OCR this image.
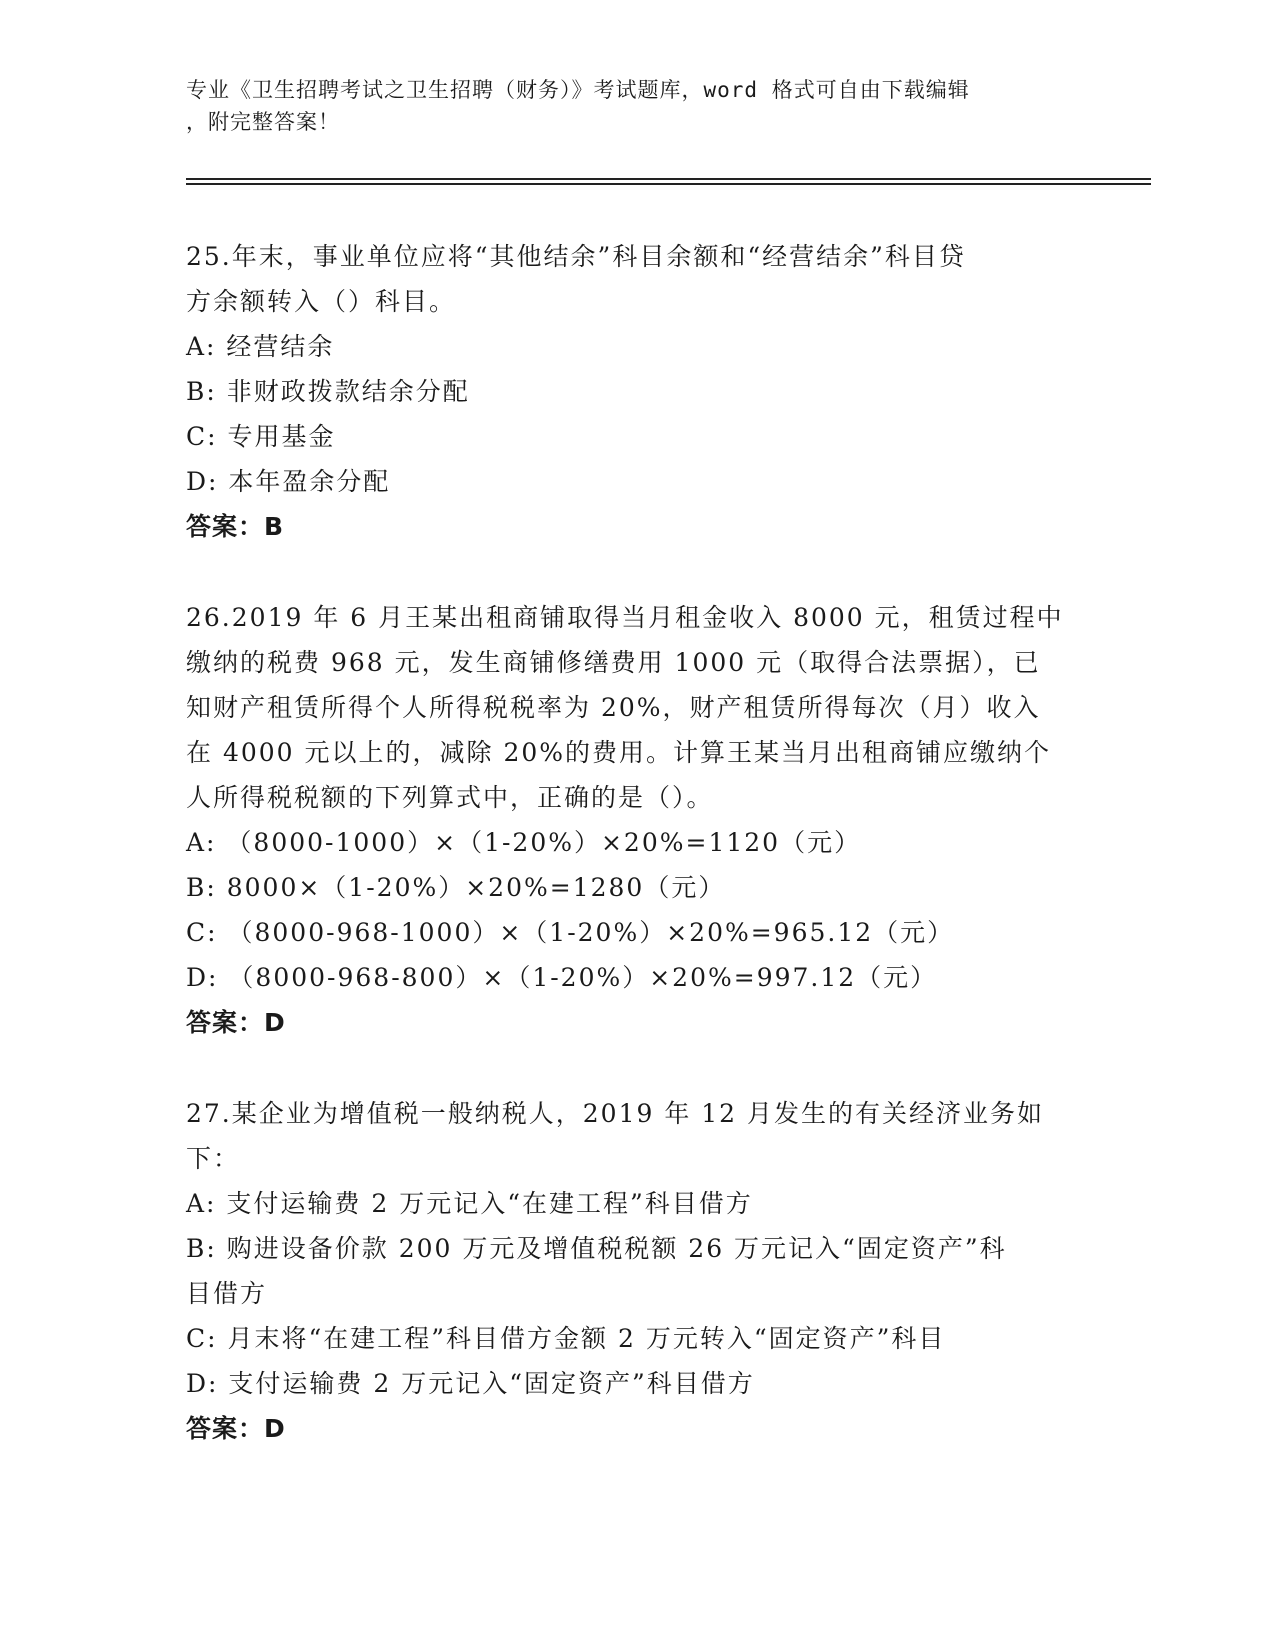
专业《卫生招聘考试之卫生招聘（财务）》考试题库，word 格式可自由下载编辑
，附完整答案！
25.年末，事业单位应将“其他结余”科目余额和“经营结余”科目贷
方余额转入（）科目。
A: 经营结余
B: 非财政拨款结余分配
C: 专用基金
D: 本年盈余分配
答案：B
26.2019 年 6 月王某出租商铺取得当月租金收入 8000 元，租赁过程中
缴纳的税费 968 元，发生商铺修缮费用 1000 元（取得合法票据），已
知财产租赁所得个人所得税税率为 20%，财产租赁所得每次（月）收入
在 4000 元以上的，减除 20%的费用。计算王某当月出租商铺应缴纳个
人所得税税额的下列算式中，正确的是（）。
A: （8000-1000）×（1-20%）×20%=1120（元）
B: 8000×（1-20%）×20%=1280（元）
C: （8000-968-1000）×（1-20%）×20%=965.12（元）
D: （8000-968-800）×（1-20%）×20%=997.12（元）
答案：D
27.某企业为增值税一般纳税人，2019 年 12 月发生的有关经济业务如
下：
A: 支付运输费 2 万元记入“在建工程”科目借方
B: 购进设备价款 200 万元及增值税税额 26 万元记入“固定资产”科
目借方
C: 月末将“在建工程”科目借方金额 2 万元转入“固定资产”科目
D: 支付运输费 2 万元记入“固定资产”科目借方
答案：D
